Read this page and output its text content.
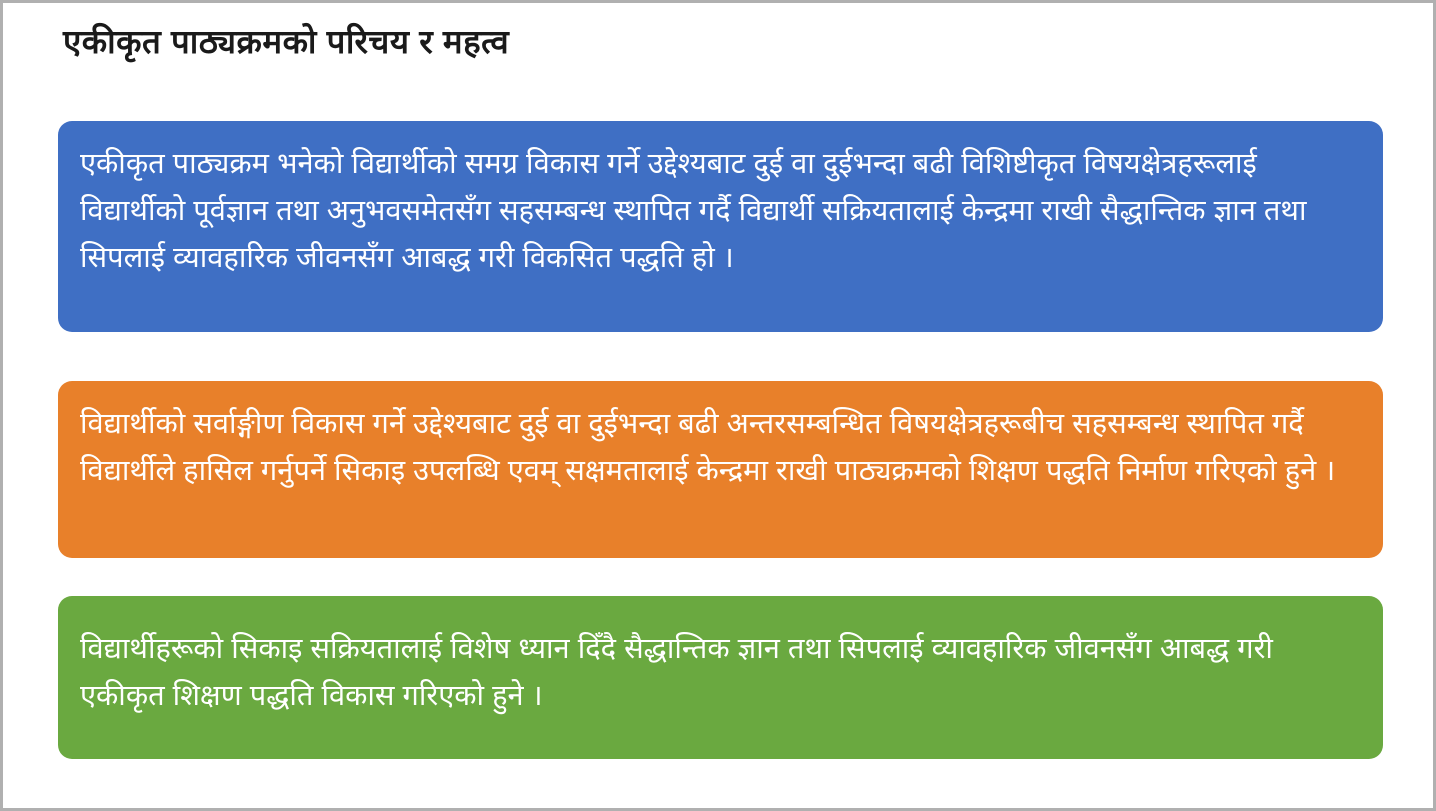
एकीकृत पाठ्यक्रमको परिचय र महत्व

एकीकृत पाठ्यक्रम भनेको विद्यार्थीको समग्र विकास गर्ने उद्देश्यबाट दुई वा दुईभन्दा बढी विशिष्टीकृत विषयक्षेत्रहरूलाई विद्यार्थीको पूर्वज्ञान तथा अनुभवसमेतसँग सहसम्बन्ध स्थापित गर्दै विद्यार्थी सक्रियतालाई केन्द्रमा राखी सैद्धान्तिक ज्ञान तथा सिपलाई व्यावहारिक जीवनसँग आबद्ध गरी विकसित पद्धति हो ।

विद्यार्थीको सर्वाङ्गीण विकास गर्ने उद्देश्यबाट दुई वा दुईभन्दा बढी अन्तरसम्बन्धित विषयक्षेत्रहरूबीच सहसम्बन्ध स्थापित गर्दै विद्यार्थीले हासिल गर्नुपर्ने सिकाइ उपलब्धि एवम् सक्षमतालाई केन्द्रमा राखी पाठ्यक्रमको शिक्षण पद्धति निर्माण गरिएको हुने ।

विद्यार्थीहरूको सिकाइ सक्रियतालाई विशेष ध्यान दिँदै सैद्धान्तिक ज्ञान तथा सिपलाई व्यावहारिक जीवनसँग आबद्ध गरी एकीकृत शिक्षण पद्धति विकास गरिएको हुने ।
